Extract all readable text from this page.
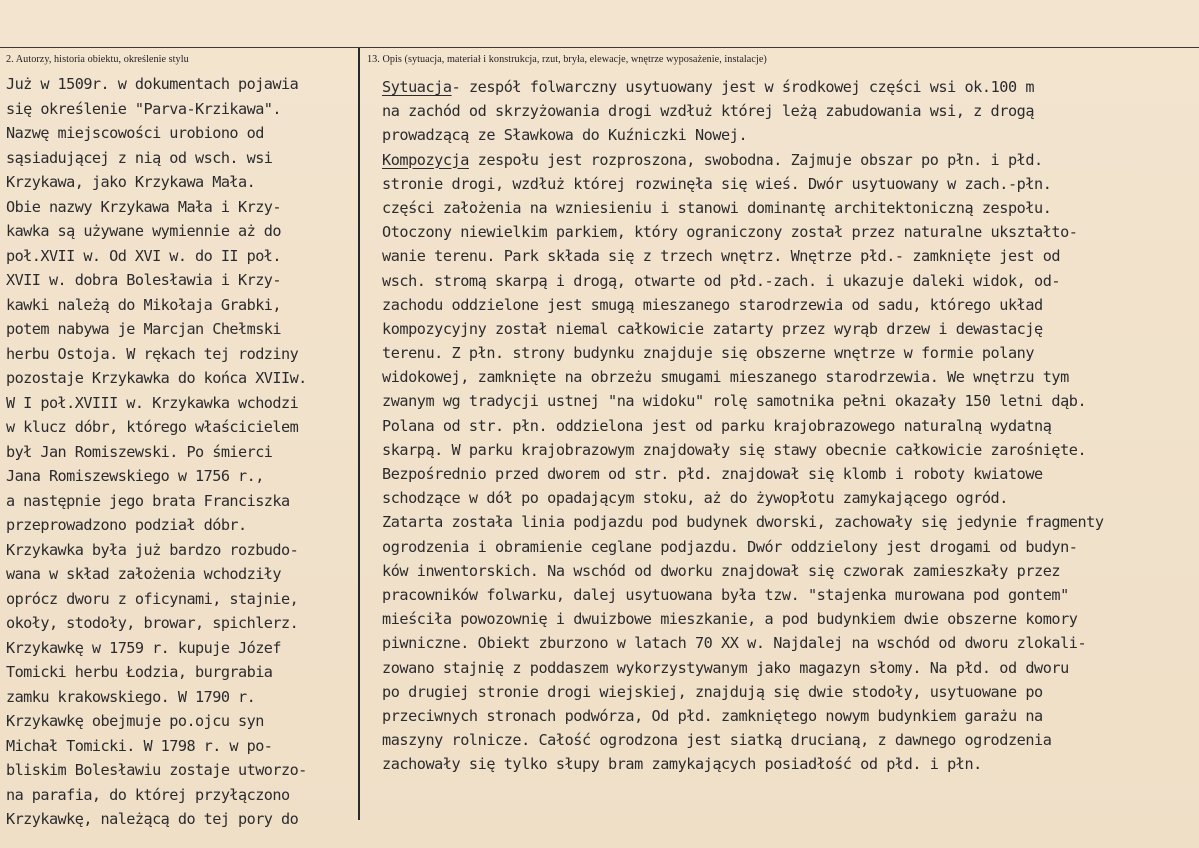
2. Autorzy, historia obiektu, określenie stylu	13. Opis (sytuacja, materiał i konstrukcja, rzut, bryła, elewacje, wnętrze wyposażenie, instalacje)
Już w 1509r. w dokumentach pojawia
się określenie "Parva-Krzikawa".
Nazwę miejscowości urobiono od
sąsiadującej z nią od wsch. wsi
Krzykawa, jako Krzykawa Mała.
Obie nazwy Krzykawa Mała i Krzy-
kawka są używane wymiennie aż do
poł.XVII w. Od XVI w. do II poł.
XVII w. dobra Bolesławia i Krzy-
kawki należą do Mikołaja Grabki,
potem nabywa je Marcjan Chełmski
herbu Ostoja. W rękach tej rodziny
pozostaje Krzykawka do końca XVIIw.
W I poł.XVIII w. Krzykawka wchodzi
w klucz dóbr, którego właścicielem
był Jan Romiszewski. Po śmierci
Jana Romiszewskiego w 1756 r.,
a następnie jego brata Franciszka
przeprowadzono podział dóbr.
Krzykawka była już bardzo rozbudo-
wana w skład założenia wchodziły
oprócz dworu z oficynami, stajnie,
okoły, stodoły, browar, spichlerz.
Krzykawkę w 1759 r. kupuje Józef
Tomicki herbu Łodzia, burgrabia
zamku krakowskiego. W 1790 r.
Krzykawkę obejmuje po.ojcu syn
Michał Tomicki. W 1798 r. w po-
bliskim Bolesławiu zostaje utworzo-
na parafia, do której przyłączono
Krzykawkę, należącą do tej pory do
Sytuacja- zespół folwarczny usytuowany jest w środkowej części wsi ok.100 m
na zachód od skrzyżowania drogi wzdłuż której leżą zabudowania wsi, z drogą
prowadzącą ze Sławkowa do Kuźniczki Nowej.
Kompozycja zespołu jest rozproszona, swobodna. Zajmuje obszar po płn. i płd.
stronie drogi, wzdłuż której rozwinęła się wieś. Dwór usytuowany w zach.-płn.
części założenia na wzniesieniu i stanowi dominantę architektoniczną zespołu.
Otoczony niewielkim parkiem, który ograniczony został przez naturalne ukształto-
wanie terenu. Park składa się z trzech wnętrz. Wnętrze płd.- zamknięte jest od
wsch. stromą skarpą i drogą, otwarte od płd.-zach. i ukazuje daleki widok, od-
zachodu oddzielone jest smugą mieszanego starodrzewia od sadu, którego układ
kompozycyjny został niemal całkowicie zatarty przez wyrąb drzew i dewastację
terenu. Z płn. strony budynku znajduje się obszerne wnętrze w formie polany
widokowej, zamknięte na obrzeżu smugami mieszanego starodrzewia. We wnętrzu tym
zwanym wg tradycji ustnej "na widoku" rolę samotnika pełni okazały 150 letni dąb.
Polana od str. płn. oddzielona jest od parku krajobrazowego naturalną wydatną
skarpą. W parku krajobrazowym znajdowały się stawy obecnie całkowicie zarośnięte.
Bezpośrednio przed dworem od str. płd. znajdował się klomb i roboty kwiatowe
schodzące w dół po opadającym stoku, aż do żywopłotu zamykającego ogród.
Zatarta została linia podjazdu pod budynek dworski, zachowały się jedynie fragmenty
ogrodzenia i obramienie ceglane podjazdu. Dwór oddzielony jest drogami od budyn-
ków inwentorskich. Na wschód od dworku znajdował się czworak zamieszkały przez
pracowników folwarku, dalej usytuowana była tzw. "stajenka murowana pod gontem"
mieściła powozownię i dwuizbowe mieszkanie, a pod budynkiem dwie obszerne komory
piwniczne. Obiekt zburzono w latach 70 XX w. Najdalej na wschód od dworu zlokali-
zowano stajnię z poddaszem wykorzystywanym jako magazyn słomy. Na płd. od dworu
po drugiej stronie drogi wiejskiej, znajdują się dwie stodoły, usytuowane po
przeciwnych stronach podwórza, Od płd. zamkniętego nowym budynkiem garażu na
maszyny rolnicze. Całość ogrodzona jest siatką drucianą, z dawnego ogrodzenia
zachowały się tylko słupy bram zamykających posiadłość od płd. i płn.
